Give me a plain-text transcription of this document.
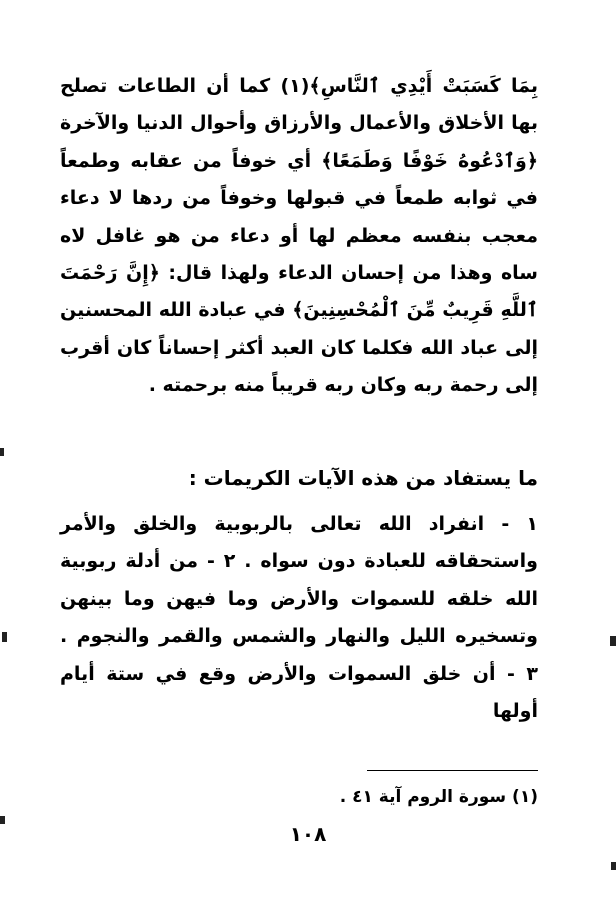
بِمَا كَسَبَتْ أَيْدِي ٱلنَّاسِ﴾(١) كما أن الطاعات تصلح بها الأخلاق والأعمال والأرزاق وأحوال الدنيا والآخرة ﴿وَٱدْعُوهُ خَوْفًا وَطَمَعًا﴾ أي خوفاً من عقابه وطمعاً في ثوابه طمعاً في قبولها وخوفاً من ردها لا دعاء معجب بنفسه معظم لها أو دعاء من هو غافل لاه ساه وهذا من إحسان الدعاء ولهذا قال: ﴿إِنَّ رَحْمَتَ ٱللَّهِ قَرِيبٌ مِّنَ ٱلْمُحْسِنِينَ﴾ في عبادة الله المحسنين إلى عباد الله فكلما كان العبد أكثر إحساناً كان أقرب إلى رحمة ربه وكان ربه قريباً منه برحمته .
ما يستفاد من هذه الآيات الكريمات :
١ - انفراد الله تعالى بالربوبية والخلق والأمر واستحقاقه للعبادة دون سواه . ٢ - من أدلة ربوبية الله خلقه للسموات والأرض وما فيهن وما بينهن وتسخيره الليل والنهار والشمس والقمر والنجوم . ٣ - أن خلق السموات والأرض وقع في ستة أيام أولها
(١) سورة الروم آية ٤١ .
١٠٨
